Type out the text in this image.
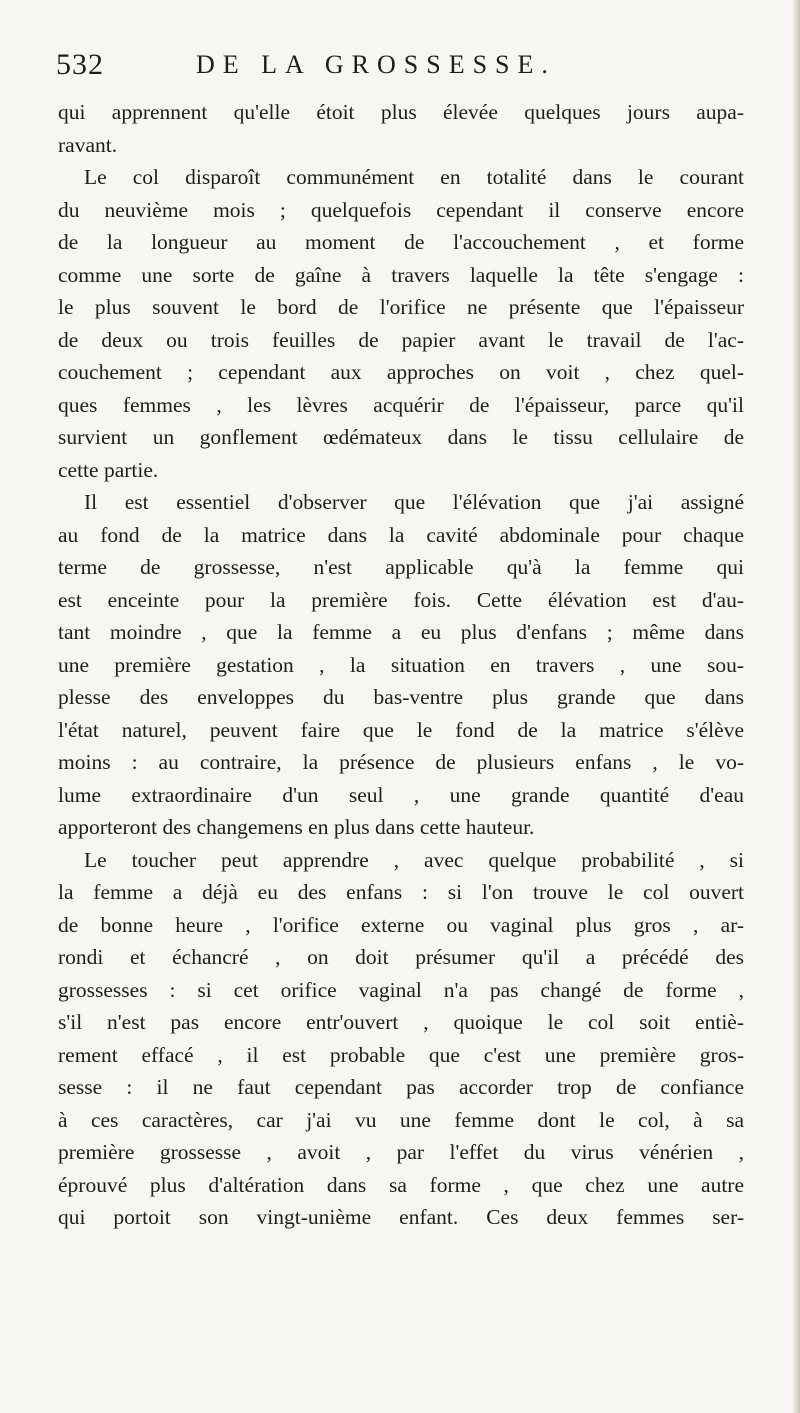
532	DE LA GROSSESSE.
qui apprennent qu'elle étoit plus élevée quelques jours aupa-
ravant.
Le col disparoît communément en totalité dans le courant
du neuvième mois ; quelquefois cependant il conserve encore
de la longueur au moment de l'accouchement , et forme
comme une sorte de gaîne à travers laquelle la tête s'engage :
le plus souvent le bord de l'orifice ne présente que l'épaisseur
de deux ou trois feuilles de papier avant le travail de l'ac-
couchement ; cependant aux approches on voit , chez quel-
ques femmes , les lèvres acquérir de l'épaisseur, parce qu'il
survient un gonflement œdémateux dans le tissu cellulaire de
cette partie.
Il est essentiel d'observer que l'élévation que j'ai assigné
au fond de la matrice dans la cavité abdominale pour chaque
terme de grossesse, n'est applicable qu'à la femme qui
est enceinte pour la première fois. Cette élévation est d'au-
tant moindre , que la femme a eu plus d'enfans ; même dans
une première gestation , la situation en travers , une sou-
plesse des enveloppes du bas-ventre plus grande que dans
l'état naturel, peuvent faire que le fond de la matrice s'élève
moins : au contraire, la présence de plusieurs enfans , le vo-
lume extraordinaire d'un seul , une grande quantité d'eau
apporteront des changemens en plus dans cette hauteur.
Le toucher peut apprendre , avec quelque probabilité , si
la femme a déjà eu des enfans : si l'on trouve le col ouvert
de bonne heure , l'orifice externe ou vaginal plus gros , ar-
rondi et échancré , on doit présumer qu'il a précédé des
grossesses : si cet orifice vaginal n'a pas changé de forme ,
s'il n'est pas encore entr'ouvert , quoique le col soit entiè-
rement effacé , il est probable que c'est une première gros-
sesse : il ne faut cependant pas accorder trop de confiance
à ces caractères, car j'ai vu une femme dont le col, à sa
première grossesse , avoit , par l'effet du virus vénérien ,
éprouvé plus d'altération dans sa forme , que chez une autre
qui portoit son vingt-unième enfant. Ces deux femmes ser-
